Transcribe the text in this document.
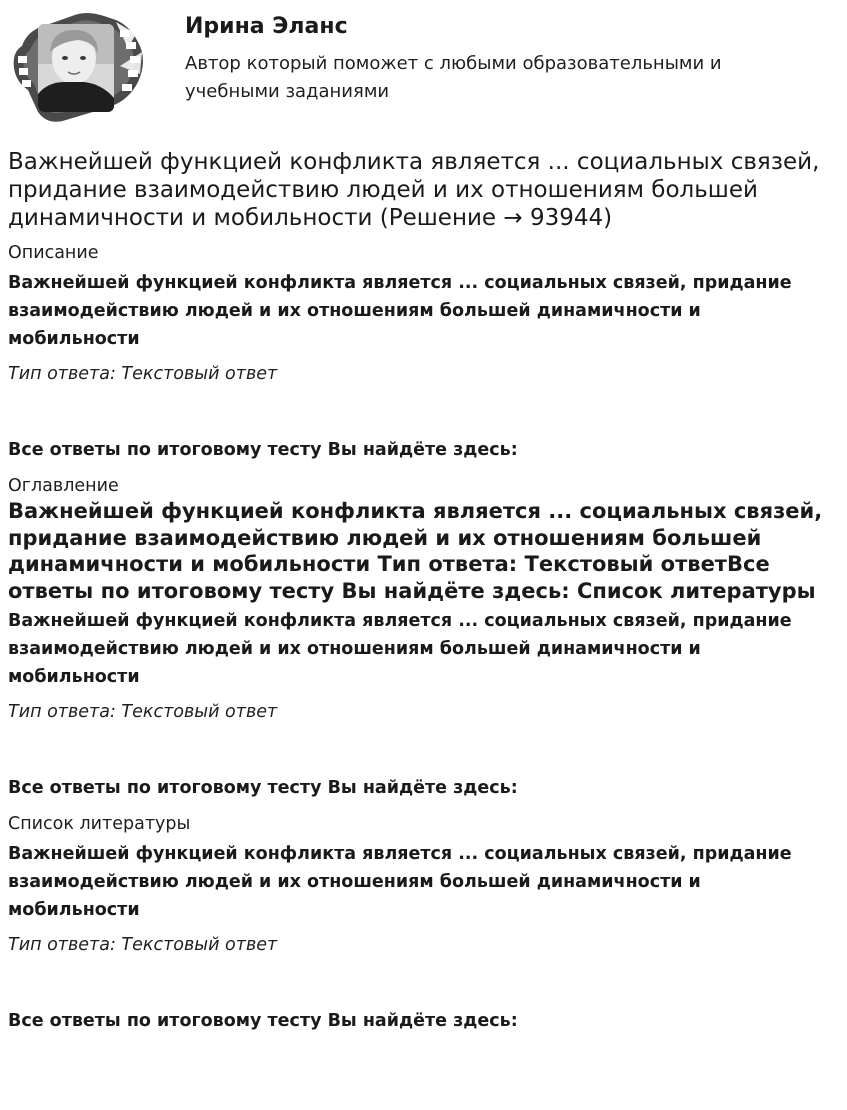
Ирина Эланс
Автор который поможет с любыми образовательными и учебными заданиями
Важнейшей функцией конфликта является ... социальных связей, придание взаимодействию людей и их отношениям большей динамичности и мобильности (Решение → 93944)

Описание

Важнейшей функцией конфликта является ... социальных связей, придание взаимодействию людей и их отношениям большей динамичности и мобильности

Тип ответа: Текстовый ответ

Все ответы по итоговому тесту Вы найдёте здесь:

Оглавление

Важнейшей функцией конфликта является ... социальных связей, придание взаимодействию людей и их отношениям большей динамичности и мобильности Тип ответа: Текстовый ответВсе ответы по итоговому тесту Вы найдёте здесь: Список литературы

Важнейшей функцией конфликта является ... социальных связей, придание взаимодействию людей и их отношениям большей динамичности и мобильности

Тип ответа: Текстовый ответ

Все ответы по итоговому тесту Вы найдёте здесь:

Список литературы

Важнейшей функцией конфликта является ... социальных связей, придание взаимодействию людей и их отношениям большей динамичности и мобильности

Тип ответа: Текстовый ответ

Все ответы по итоговому тесту Вы найдёте здесь:
